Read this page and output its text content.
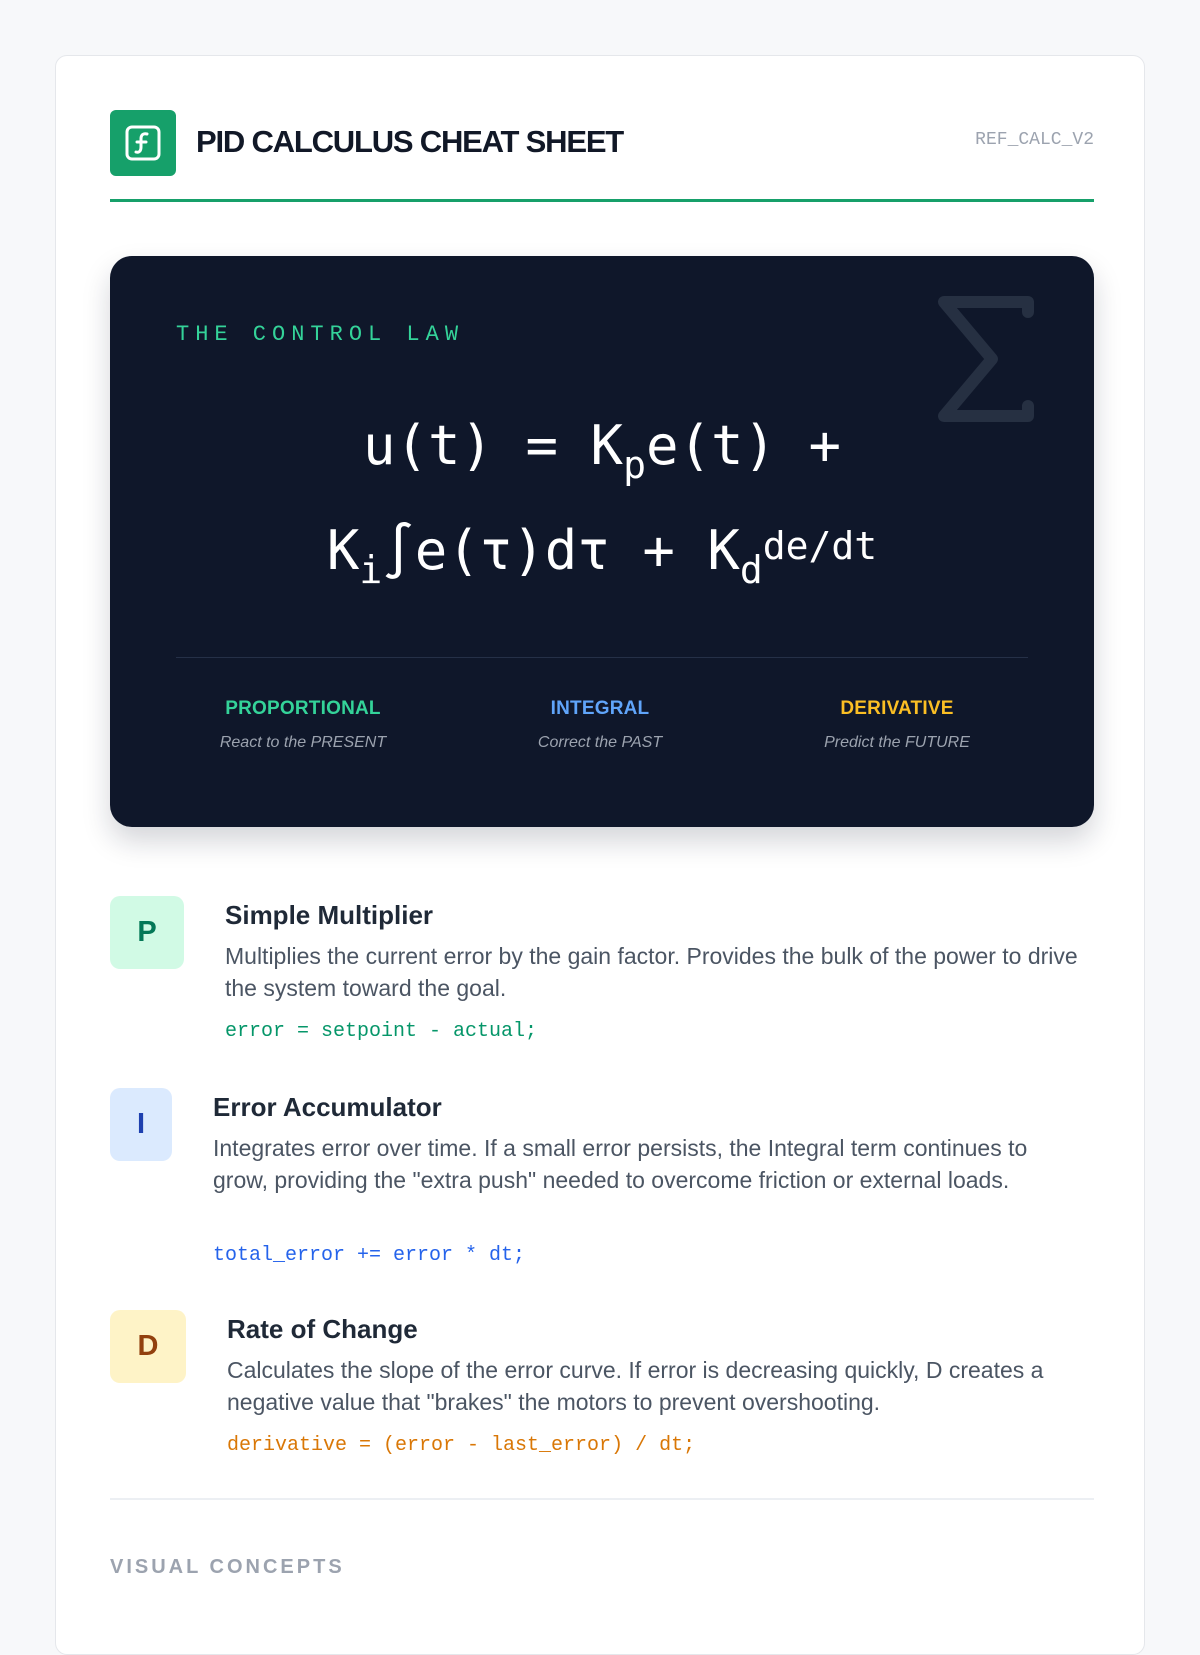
PID CALCULUS CHEAT SHEET	REF_CALC_V2
THE CONTROL LAW
$u(t) = K_pe(t)$ +
$K_i\int e(\tau)d\tau + K_dde/dt$
PROPORTIONAL
React to the PRESENT
INTEGRAL
Correct the PAST
DERIVATIVE
Predict the FUTURE
P
Simple Multiplier
Multiplies the current error by the gain factor. Provides the bulk of the power to drive the system toward the goal.
error = setpoint - actual;
I
Error Accumulator
Integrates error over time. If a small error persists, the Integral term continues to grow, providing the "extra push" needed to overcome friction or external loads.
total_error += error * dt;
D
Rate of Change
Calculates the slope of the error curve. If error is decreasing quickly, D creates a negative value that "brakes" the motors to prevent overshooting.
derivative = (error - last_error) / dt;
VISUAL CONCEPTS
